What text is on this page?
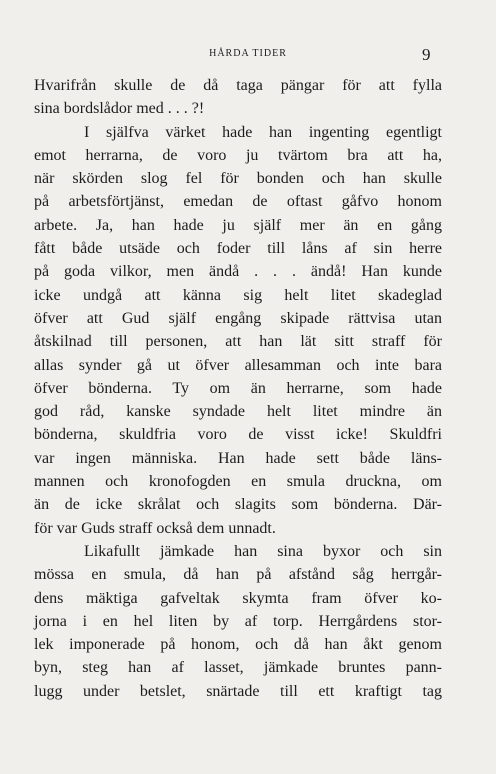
HÅRDA TIDER	9
Hvarifrån skulle de då taga pängar för att fylla
sina bordslådor med . . . ?!
I själfva värket hade han ingenting egentligt
emot herrarna, de voro ju tvärtom bra att ha,
när skörden slog fel för bonden och han skulle
på arbetsförtjänst, emedan de oftast gåfvo honom
arbete. Ja, han hade ju själf mer än en gång
fått både utsäde och foder till låns af sin herre
på goda vilkor, men ändå . . . ändå! Han kunde
icke undgå att känna sig helt litet skadeglad
öfver att Gud själf engång skipade rättvisa utan
åtskilnad till personen, att han lät sitt straff för
allas synder gå ut öfver allesamman och inte bara
öfver bönderna. Ty om än herrarne, som hade
god råd, kanske syndade helt litet mindre än
bönderna, skuldfria voro de visst icke! Skuldfri
var ingen människa. Han hade sett både läns-
mannen och kronofogden en smula druckna, om
än de icke skrålat och slagits som bönderna. Där-
för var Guds straff också dem unnadt.
Likafullt jämkade han sina byxor och sin
mössa en smula, då han på afstånd såg herrgår-
dens mäktiga gafveltak skymta fram öfver ko-
jorna i en hel liten by af torp. Herrgårdens stor-
lek imponerade på honom, och då han åkt genom
byn, steg han af lasset, jämkade bruntes pann-
lugg under betslet, snärtade till ett kraftigt tag
